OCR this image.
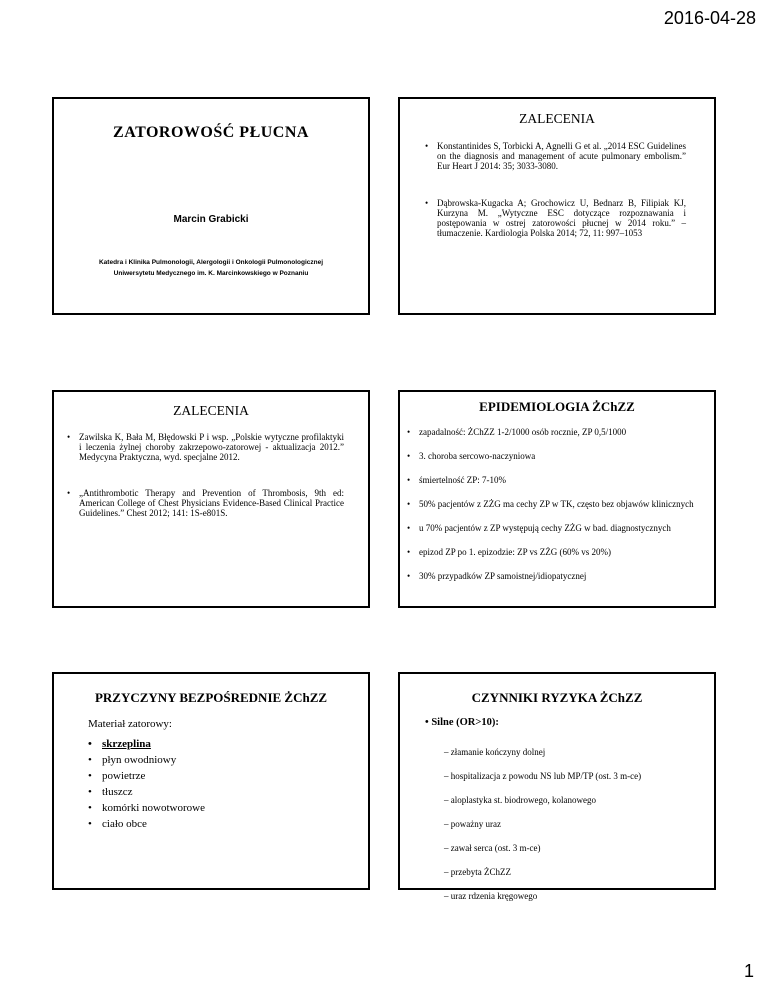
2016-04-28
ZATOROWOŚĆ PŁUCNA
Marcin Grabicki
Katedra i Klinika Pulmonologii, Alergologii i Onkologii Pulmonologicznej
Uniwersytetu Medycznego im. K. Marcinkowskiego w Poznaniu
ZALECENIA
• Konstantinides S, Torbicki A, Agnelli G et al. „2014 ESC Guidelines on the diagnosis and management of acute pulmonary embolism.” Eur Heart J 2014: 35; 3033-3080.
• Dąbrowska-Kugacka A; Grochowicz U, Bednarz B, Filipiak KJ, Kurzyna M. „Wytyczne ESC dotyczące rozpoznawania i postępowania w ostrej zatorowości płucnej w 2014 roku.” – tłumaczenie. Kardiologia Polska 2014; 72, 11: 997–1053
ZALECENIA
• Zawilska K, Bała M, Błędowski P i wsp. „Polskie wytyczne profilaktyki i leczenia żylnej choroby zakrzepowo-zatorowej - aktualizacja 2012.” Medycyna Praktyczna, wyd. specjalne 2012.
• „Antithrombotic Therapy and Prevention of Thrombosis, 9th ed: American College of Chest Physicians Evidence-Based Clinical Practice Guidelines.” Chest 2012; 141: 1S-e801S.
EPIDEMIOLOGIA ŻChZZ
• zapadalność: ŻChZZ 1-2/1000 osób rocznie, ZP 0,5/1000
• 3. choroba sercowo-naczyniowa
• śmiertelność ZP: 7-10%
• 50% pacjentów z ZŻG ma cechy ZP w TK, często bez objawów klinicznych
• u 70% pacjentów z ZP występują cechy ZŻG w bad. diagnostycznych
• epizod ZP po 1. epizodzie: ZP vs ZŻG (60% vs 20%)
• 30% przypadków ZP samoistnej/idiopatycznej
PRZYCZYNY BEZPOŚREDNIE ŻChZZ
Materiał zatorowy:
• skrzeplina
• płyn owodniowy
• powietrze
• tłuszcz
• komórki nowotworowe
• ciało obce
CZYNNIKI RYZYKA ŻChZZ
• Silne (OR>10):
– złamanie kończyny dolnej
– hospitalizacja z powodu NS lub MP/TP (ost. 3 m-ce)
– aloplastyka st. biodrowego, kolanowego
– poważny uraz
– zawał serca (ost. 3 m-ce)
– przebyta ŻChZZ
– uraz rdzenia kręgowego
1
